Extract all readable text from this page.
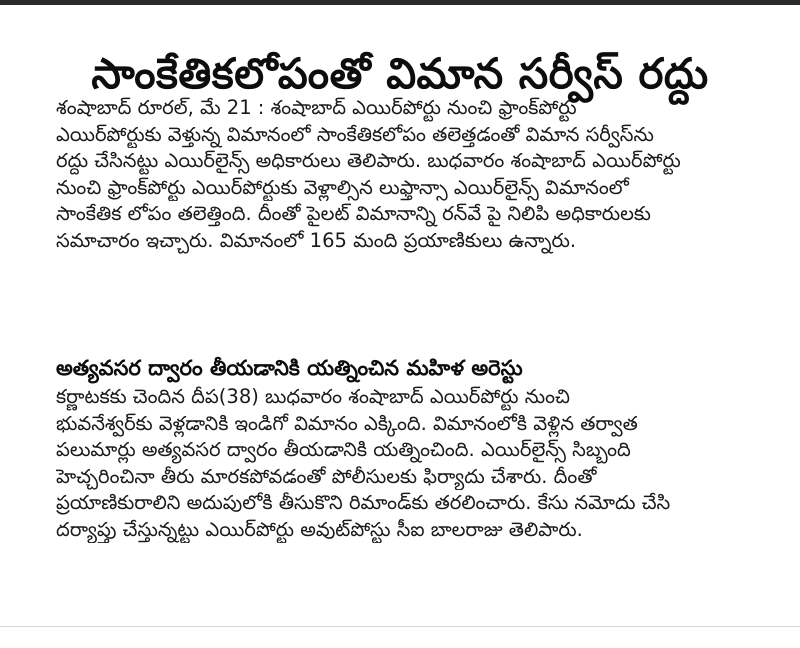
సాంకేతికలోపంతో విమాన సర్వీస్ రద్దు
శంషాబాద్ రూరల్, మే 21 : శంషాబాద్ ఎయిర్‌పోర్టు నుంచి ఫ్రాంక్‌పోర్టు
ఎయిర్‌పోర్టుకు వెళ్తున్న విమానంలో సాంకేతికలోపం తలెత్తడంతో విమాన సర్వీస్‌ను
రద్దు చేసినట్టు ఎయిర్‌లైన్స్ అధికారులు తెలిపారు. బుధవారం శంషాబాద్ ఎయిర్‌పోర్టు
నుంచి ఫ్రాంక్‌పోర్టు ఎయిర్‌పోర్టుకు వెళ్లాల్సిన లుఫ్తాన్సా ఎయిర్‌లైన్స్ విమానంలో
సాంకేతిక లోపం తలెత్తింది. దీంతో పైలట్ విమానాన్ని రన్‌వే పై నిలిపి అధికారులకు
సమాచారం ఇచ్చారు. విమానంలో 165 మంది ప్రయాణికులు ఉన్నారు.
అత్యవసర ద్వారం తీయడానికి యత్నించిన మహిళ అరెస్టు
కర్ణాటకకు చెందిన దీప(38) బుధవారం శంషాబాద్ ఎయిర్‌పోర్టు నుంచి
భువనేశ్వర్‌కు వెళ్లడానికి ఇండిగో విమానం ఎక్కింది. విమానంలోకి వెళ్లిన తర్వాత
పలుమార్లు అత్యవసర ద్వారం తీయడానికి యత్నించింది. ఎయిర్‌లైన్స్ సిబ్బంది
హెచ్చరించినా తీరు మారకపోవడంతో పోలీసులకు ఫిర్యాదు చేశారు. దీంతో
ప్రయాణికురాలిని అదుపులోకి తీసుకొని రిమాండ్‌కు తరలించారు. కేసు నమోదు చేసి
దర్యాప్తు చేస్తున్నట్టు ఎయిర్‌పోర్టు అవుట్‌పోస్టు సీఐ బాలరాజు తెలిపారు.
